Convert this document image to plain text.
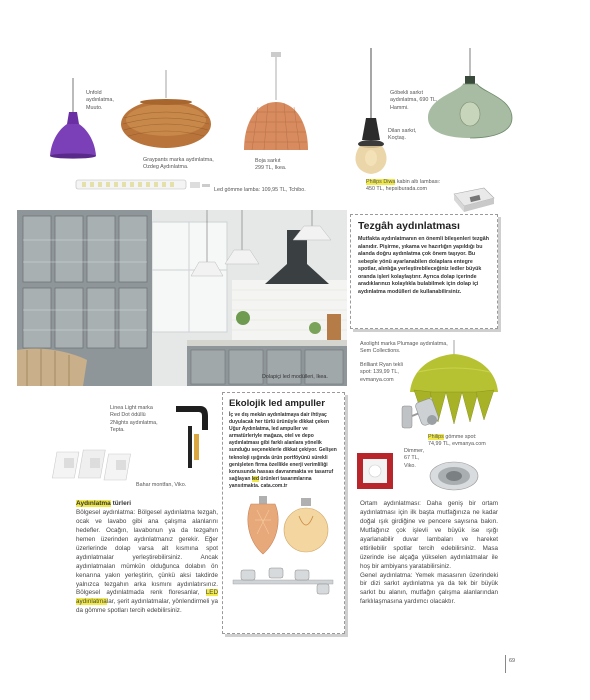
Unfold
aydınlatma,
Muuto.
Graypants marka aydınlatma,
Ozdeg Aydınlatma.
Boja sarkıt
299 TL, Ikea.
Dilan sarkıt,
Koçtaş.
Göbekli sarkıt
aydınlatma, 690 TL,
Hammi.
Led gömme lamba: 109,95 TL, Tchibo.
Philips Diwa kabin altı lambası:
450 TL, hepsiburada.com
Dolapiçi led modülleri, Ikea.
Tezgâh aydınlatması
Mutfakta aydınlatmanın en önemli bileşenleri tezgâh alanıdır. Pişirme, yıkama ve hazırlığın yapıldığı bu alanda doğru aydınlatma çok önem taşıyor. Bu sebeple yönü ayarlanabilen dolaplara entegre spotlar, alınlığa yerleştirebileceğiniz ledler büyük oranda işleri kolaylaştırır. Ayrıca dolap içerinde aradıklarınızı kolaylıkla bulabilmek için dolap içi aydınlatma modülleri de kullanabilirsiniz.
Axolight marka Plumage aydınlatma,
Sem Collections.
Brilliant Ryan tekli
spot: 139,99 TL,
evmanya.com
Philips gömme spot:
74,99 TL, evmanya.com
Dimmer,
67 TL,
Viko.
Linea Light marka
Red Dot ödüllü
2Nights aydınlatma,
Tepta.
Bahar montfan, Viko.
Ekolojik led ampuller
İç ve dış mekân aydınlatmaya dair ihtiyaç duyulacak her türlü ürünüyle dikkat çeken Uğur Aydınlatma, led ampuller ve armatürleriyle mağaza, otel ve depo aydınlatması gibi farklı alanlara yönelik sunduğu seçeneklerle dikkat çekiyor. Gelişen teknoloji ışığında ürün portföyünü sürekli genişleten firma özellikle enerji verimliliği konusunda hassas davranmakta ve tasarruf sağlayan led ürünleri tasarımlarına yansıtmakta. cata.com.tr
Aydınlatma türleri
Bölgesel aydınlatma: Bölgesel aydınlatma tezgah, ocak ve lavabo gibi ana çalışma alanlarını hedefler. Ocağın, lavabonun ya da tezgahın hemen üzerinden aydınlatmanız gerekir. Eğer üzerlerinde dolap varsa alt kısmına spot aydınlatmalar yerleştirebilirsiniz. Ancak aydınlatmaları mümkün olduğunca dolabın ön kenarına yakın yerleştirin, çünkü aksi takdirde yalnızca tezgahın arka kısmını aydınlatırsınız. Bölgesel aydınlatmada renk floresanlar, LED aydınlatmalar, şerit aydınlatmalar, yönlendirmeli ya da gömme spotları tercih edebilirsiniz.
Ortam aydınlatması: Daha geniş bir ortam aydınlatması için ilk başta mutfağınıza ne kadar doğal ışık girdiğine ve pencere sayısına bakın. Mutfağınız çok işlevli ve büyük ise ışığı ayarlanabilir duvar lambaları ve hareket ettirilebilir spotlar tercih edebilirsiniz. Masa üzerinde ise alçağa yükselen aydınlatmalar ile hoş bir ambiyans yaratabilirsiniz.
Genel aydınlatma: Yemek masasının üzerindeki bir dizi sarkıt aydınlatma ya da tek bir büyük sarkıt bu alanın, mutfağın çalışma alanlarından farklılaşmasına yardımcı olacaktır.
69
